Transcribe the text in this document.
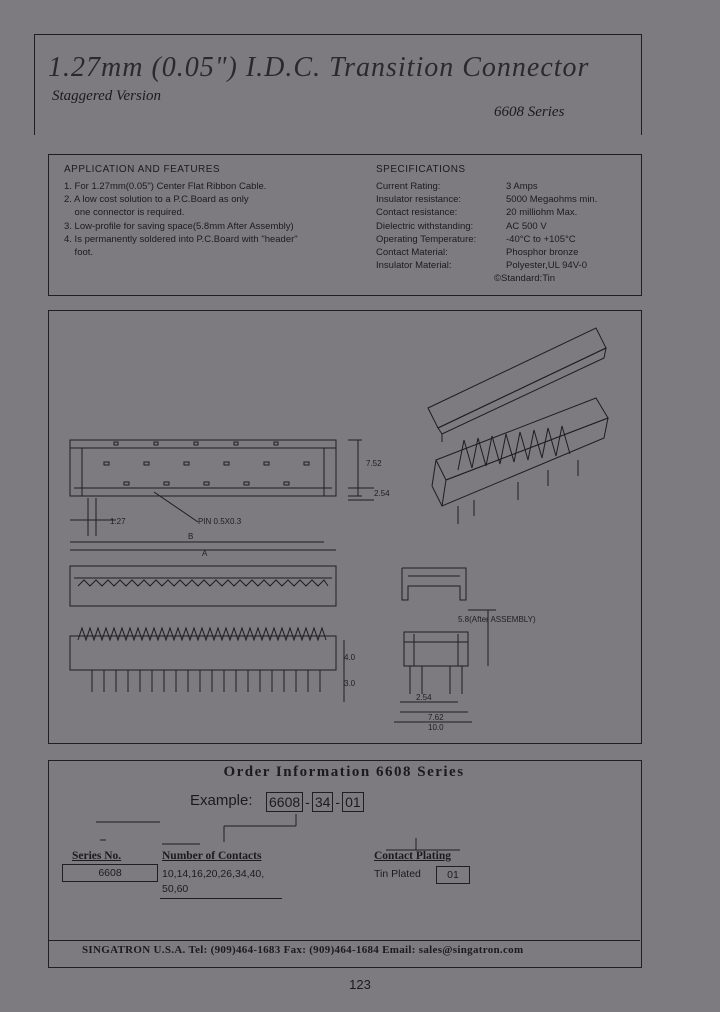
1.27mm (0.05") I.D.C. Transition Connector
Staggered Version
6608 Series
APPLICATION AND FEATURES
1. For 1.27mm(0.05") Center Flat Ribbon Cable.
2. A low cost solution to a P.C.Board as only
one connector is required.
3. Low-profile for saving space(5.8mm After Assembly)
4. Is permanently soldered into P.C.Board with "header"
foot.
SPECIFICATIONS
Current Rating:
Insulator resistance:
Contact resistance:
Dielectric withstanding:
Operating Temperature:
Contact Material:
Insulator Material:
3 Amps
5000 Megaohms min.
20 milliohm Max.
AC 500 V
-40°C to +105°C
Phosphor bronze
Polyester,UL 94V-0
©Standard:Tin
7.52
2.54
1.27	PIN 0.5X0.3
B
A
4.0
3.0
5.8(After ASSEMBLY)
2.54
7.62
10.0
Order Information 6608 Series
Example: 6608 - 34 - 01
Series No.
6608
Number of Contacts
10,14,16,20,26,34,40,
50,60
Contact Plating
Tin Plated	01
SINGATRON U.S.A. Tel: (909)464-1683 Fax: (909)464-1684 Email: sales@singatron.com
123
